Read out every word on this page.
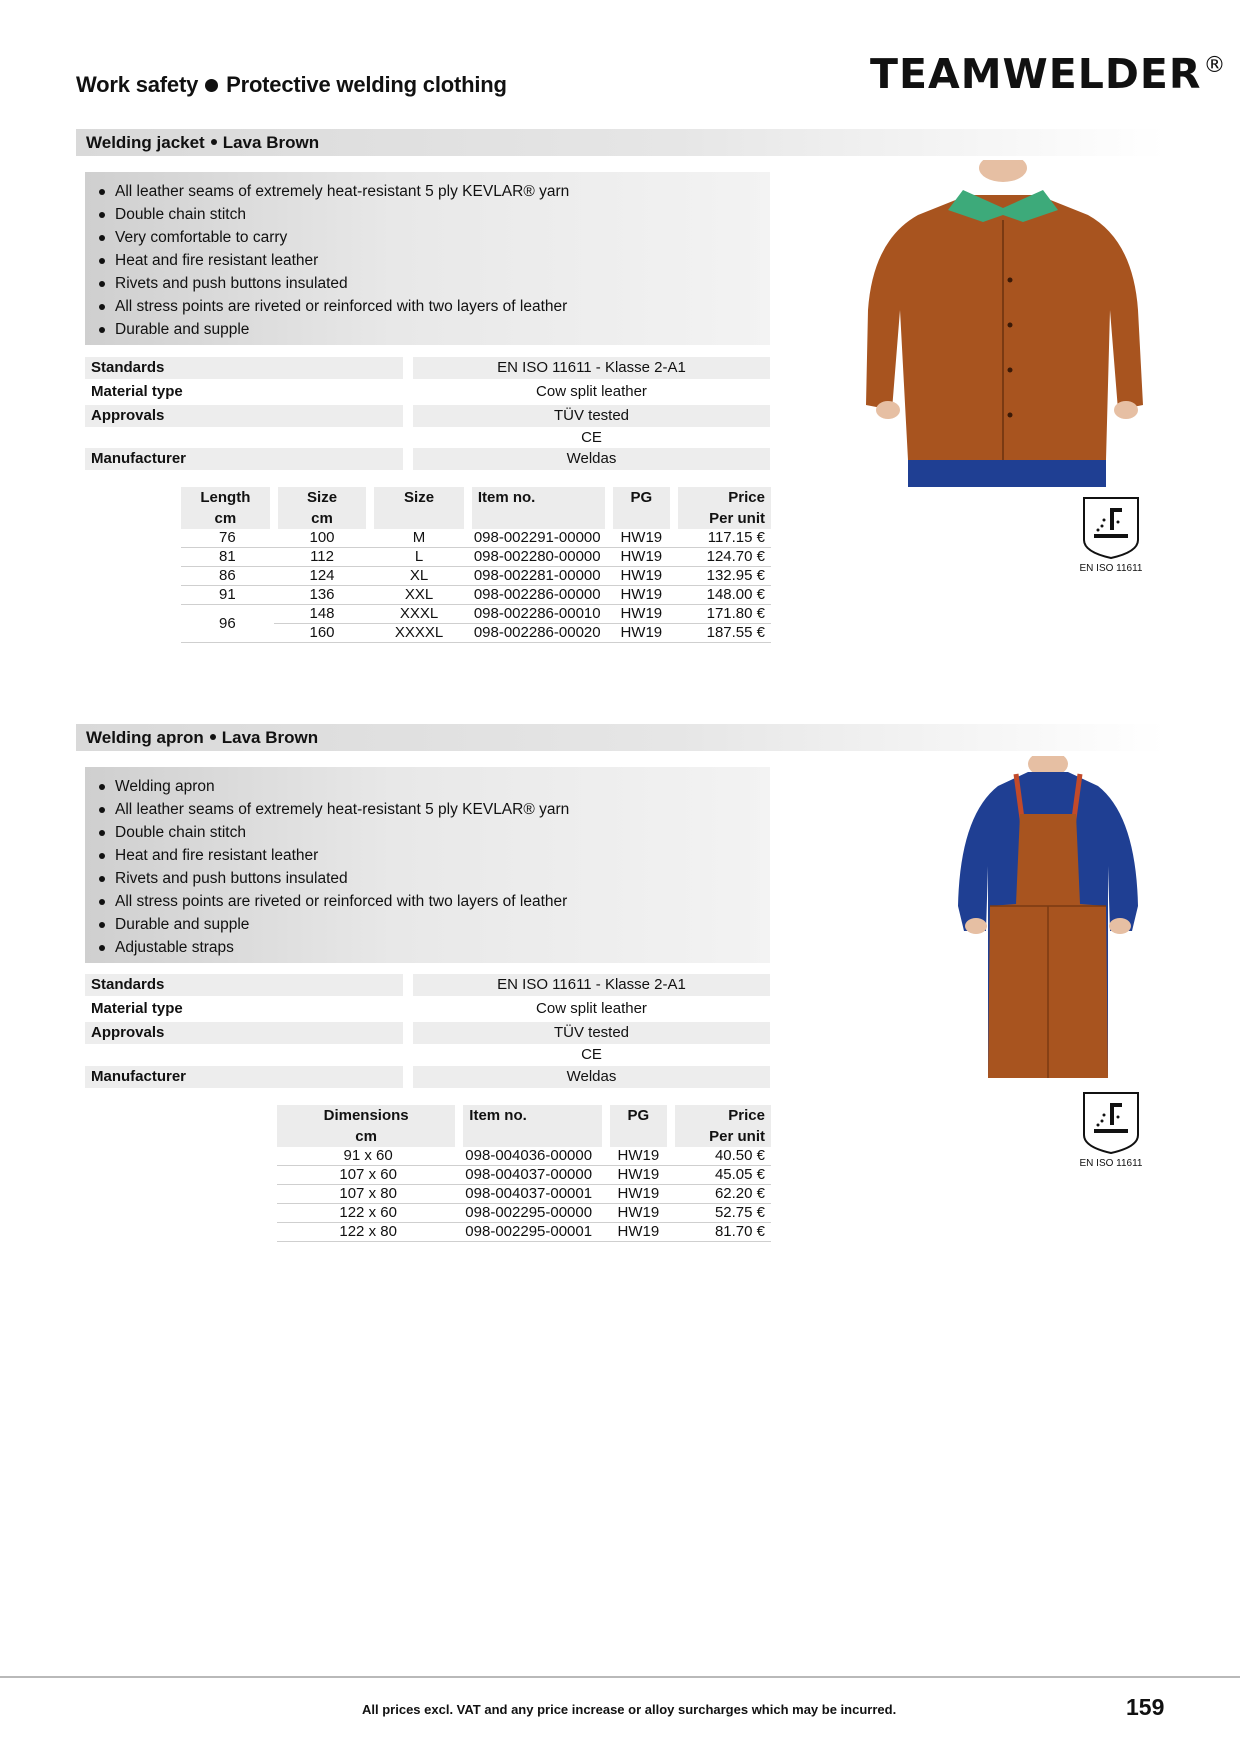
Work safety Protective welding clothing	TEAMWELDER®
Welding jacket Lava Brown
All leather seams of extremely heat-resistant 5 ply KEVLAR® yarn
Double chain stitch
Very comfortable to carry
Heat and fire resistant leather
Rivets and push buttons insulated
All stress points are riveted or reinforced with two layers of leather
Durable and supple
Standards	EN ISO 11611 - Klasse 2-A1
Material type	Cow split leather
Approvals	TÜV tested
CE
Manufacturer	Weldas
Length	Size	Size	Item no.	PG	Price
cm	cm				Per unit
76	100	M	098-002291-00000	HW19	117.15 €
81	112	L	098-002280-00000	HW19	124.70 €
86	124	XL	098-002281-00000	HW19	132.95 €
91	136	XXL	098-002286-00000	HW19	148.00 €
96	148	XXXL	098-002286-00010	HW19	171.80 €
	160	XXXXL	098-002286-00020	HW19	187.55 €
EN ISO 11611
Welding apron Lava Brown
Welding apron
All leather seams of extremely heat-resistant 5 ply KEVLAR® yarn
Double chain stitch
Heat and fire resistant leather
Rivets and push buttons insulated
All stress points are riveted or reinforced with two layers of leather
Durable and supple
Adjustable straps
Standards	EN ISO 11611 - Klasse 2-A1
Material type	Cow split leather
Approvals	TÜV tested
CE
Manufacturer	Weldas
Dimensions	Item no.	PG	Price
cm			Per unit
91 x 60	098-004036-00000	HW19	40.50 €
107 x 60	098-004037-00000	HW19	45.05 €
107 x 80	098-004037-00001	HW19	62.20 €
122 x 60	098-002295-00000	HW19	52.75 €
122 x 80	098-002295-00001	HW19	81.70 €
EN ISO 11611
All prices excl. VAT and any price increase or alloy surcharges which may be incurred.	159
